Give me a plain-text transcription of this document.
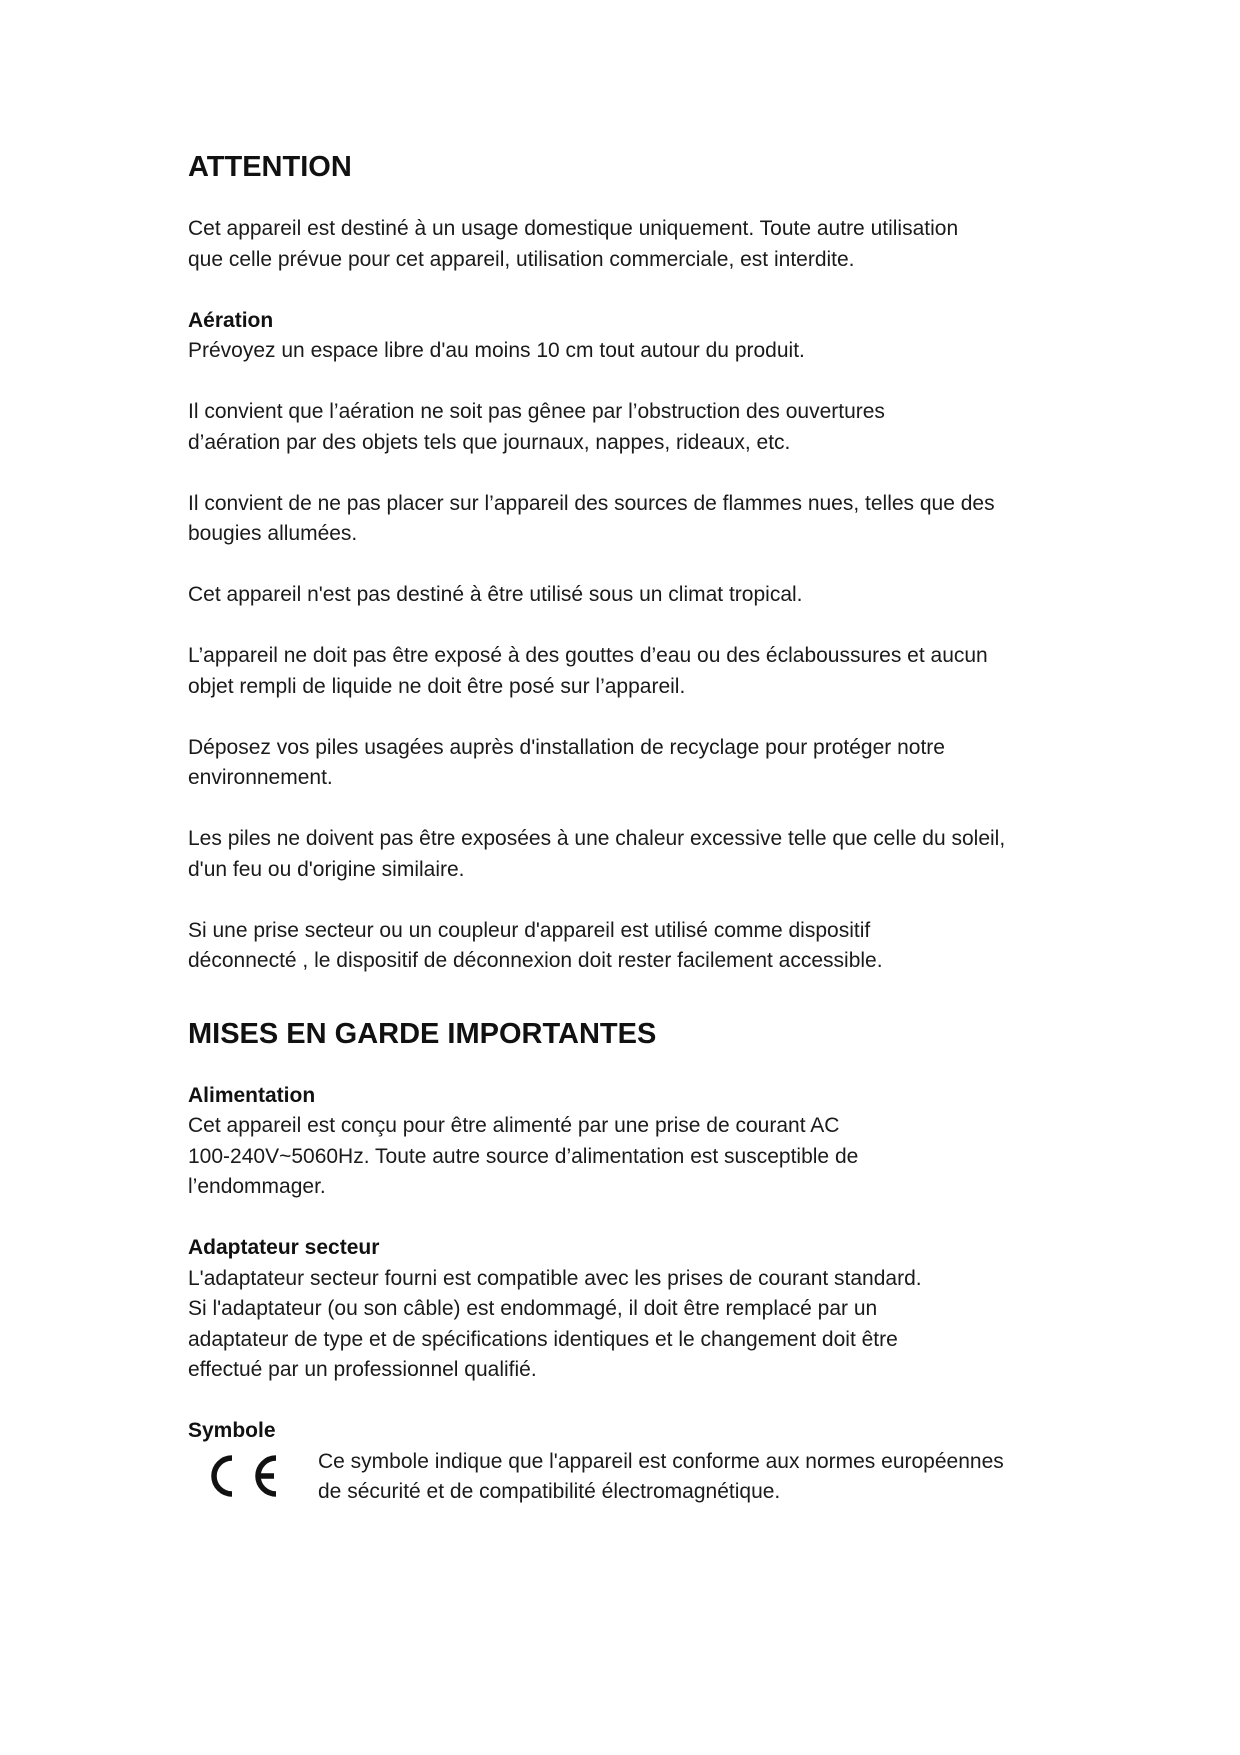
ATTENTION

Cet appareil est destiné à un usage domestique uniquement. Toute autre utilisation
que celle prévue pour cet appareil, utilisation commerciale, est interdite.

Aération

Prévoyez un espace libre d'au moins 10 cm tout autour du produit.

Il convient que l’aération ne soit pas gênee par l’obstruction des ouvertures
d’aération par des objets tels que journaux, nappes, rideaux, etc.

Il convient de ne pas placer sur l’appareil des sources de flammes nues, telles que des
bougies allumées.

Cet appareil n'est pas destiné à être utilisé sous un climat tropical.

L’appareil ne doit pas être exposé à des gouttes d’eau ou des éclaboussures et aucun
objet rempli de liquide ne doit être posé sur l’appareil.

Déposez vos piles usagées auprès d'installation de recyclage pour protéger notre
environnement.

Les piles ne doivent pas être exposées à une chaleur excessive telle que celle du soleil,
d'un feu ou d'origine similaire.

Si une prise secteur ou un coupleur d'appareil est utilisé comme dispositif
déconnecté , le dispositif de déconnexion doit rester facilement accessible.

MISES EN GARDE IMPORTANTES

Alimentation

Cet appareil est conçu pour être alimenté par une prise de courant AC
100-240V~5060Hz. Toute autre source d’alimentation est susceptible de
l’endommager.

Adaptateur secteur

L'adaptateur secteur fourni est compatible avec les prises de courant standard.
Si l'adaptateur (ou son câble) est endommagé, il doit être remplacé par un
adaptateur de type et de spécifications identiques et le changement doit être
effectué par un professionnel qualifié.

Symbole

Ce symbole indique que l'appareil est conforme aux normes européennes
de sécurité et de compatibilité électromagnétique.
